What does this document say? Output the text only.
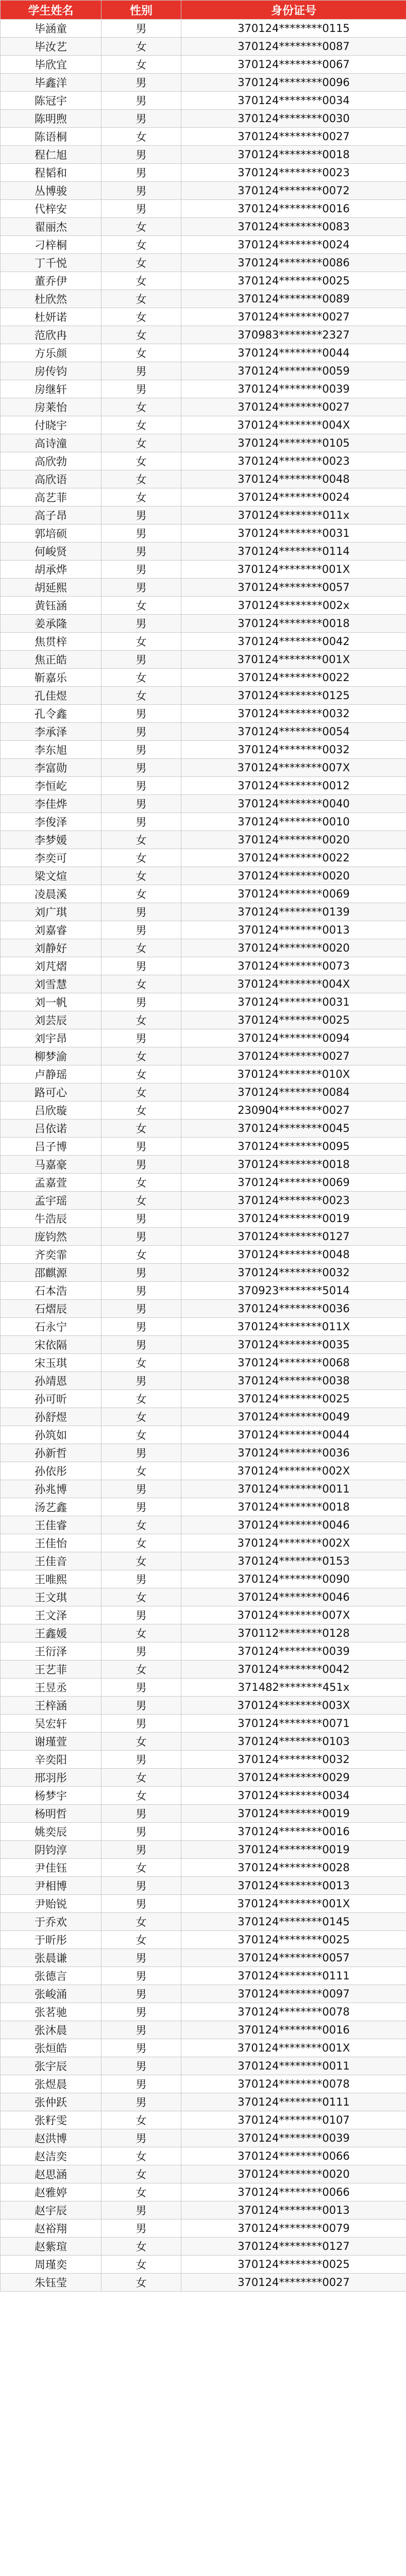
学生姓名	性别	身份证号
毕涵童	男	370124********0115
毕汝艺	女	370124********0087
毕欣宜	女	370124********0067
毕鑫洋	男	370124********0096
陈冠宇	男	370124********0034
陈明煦	男	370124********0030
陈语桐	女	370124********0027
程仁旭	男	370124********0018
程韬和	男	370124********0023
丛博骏	男	370124********0072
代梓安	男	370124********0016
翟丽杰	女	370124********0083
刁梓桐	女	370124********0024
丁千悦	女	370124********0086
董乔伊	女	370124********0025
杜欣然	女	370124********0089
杜妍诺	女	370124********0027
范欣冉	女	370983********2327
方乐颜	女	370124********0044
房传钧	男	370124********0059
房继轩	男	370124********0039
房莱怡	女	370124********0027
付晓宇	女	370124********004X
高诗潼	女	370124********0105
高欣勃	女	370124********0023
高欣语	女	370124********0048
高艺菲	女	370124********0024
高子昂	男	370124********011x
郭培硕	男	370124********0031
何峻贤	男	370124********0114
胡承烨	男	370124********001X
胡延熙	男	370124********0057
黄钰涵	女	370124********002x
姜承隆	男	370124********0018
焦贯梓	女	370124********0042
焦正皓	男	370124********001X
靳嘉乐	女	370124********0022
孔佳煜	女	370124********0125
孔令鑫	男	370124********0032
李承泽	男	370124********0054
李东旭	男	370124********0032
李富勋	男	370124********007X
李恒屹	男	370124********0012
李佳烨	男	370124********0040
李俊泽	男	370124********0010
李梦媛	女	370124********0020
李奕可	女	370124********0022
梁文煊	女	370124********0020
凌晨溪	女	370124********0069
刘广琪	男	370124********0139
刘嘉睿	男	370124********0013
刘静好	女	370124********0020
刘芃熠	男	370124********0073
刘雪慧	女	370124********004X
刘一帆	男	370124********0031
刘芸辰	女	370124********0025
刘宇昂	男	370124********0094
柳梦渝	女	370124********0027
卢静瑶	女	370124********010X
路可心	女	370124********0084
吕欣璇	女	230904********0027
吕依诺	女	370124********0045
吕子博	男	370124********0095
马嘉豪	男	370124********0018
孟嘉萱	女	370124********0069
孟宇瑶	女	370124********0023
牛浩辰	男	370124********0019
庞钧然	男	370124********0127
齐奕霏	女	370124********0048
邵麒源	男	370124********0032
石本浩	男	370923********5014
石熠辰	男	370124********0036
石永宁	男	370124********011X
宋依隔	男	370124********0035
宋玉琪	女	370124********0068
孙靖恩	男	370124********0038
孙可昕	女	370124********0025
孙舒煜	女	370124********0049
孙筑如	女	370124********0044
孙新哲	男	370124********0036
孙依彤	女	370124********002X
孙兆博	男	370124********0011
汤艺鑫	男	370124********0018
王佳睿	女	370124********0046
王佳怡	女	370124********002X
王佳音	女	370124********0153
王唯熙	男	370124********0090
王文琪	女	370124********0046
王文泽	男	370124********007X
王鑫媛	女	370112********0128
王衍泽	男	370124********0039
王艺菲	女	370124********0042
王昱丞	男	371482********451x
王梓涵	男	370124********003X
吴宏轩	男	370124********0071
谢瑾萱	女	370124********0103
辛奕阳	男	370124********0032
邢羽彤	女	370124********0029
杨梦宇	女	370124********0034
杨明哲	男	370124********0019
姚奕辰	男	370124********0016
阴钧淳	男	370124********0019
尹佳钰	女	370124********0028
尹相博	男	370124********0013
尹贻锐	男	370124********001X
于乔欢	女	370124********0145
于昕彤	女	370124********0025
张晨谦	男	370124********0057
张德言	男	370124********0111
张峻涌	男	370124********0097
张茗驰	男	370124********0078
张沐晨	男	370124********0016
张烜皓	男	370124********001X
张宇辰	男	370124********0011
张煜晨	男	370124********0078
张仲跃	男	370124********0111
张籽雯	女	370124********0107
赵洪博	男	370124********0039
赵洁奕	女	370124********0066
赵思涵	女	370124********0020
赵雅婷	女	370124********0066
赵宇辰	男	370124********0013
赵裕翔	男	370124********0079
赵紫瑄	女	370124********0127
周瑾奕	女	370124********0025
朱钰莹	女	370124********0027
